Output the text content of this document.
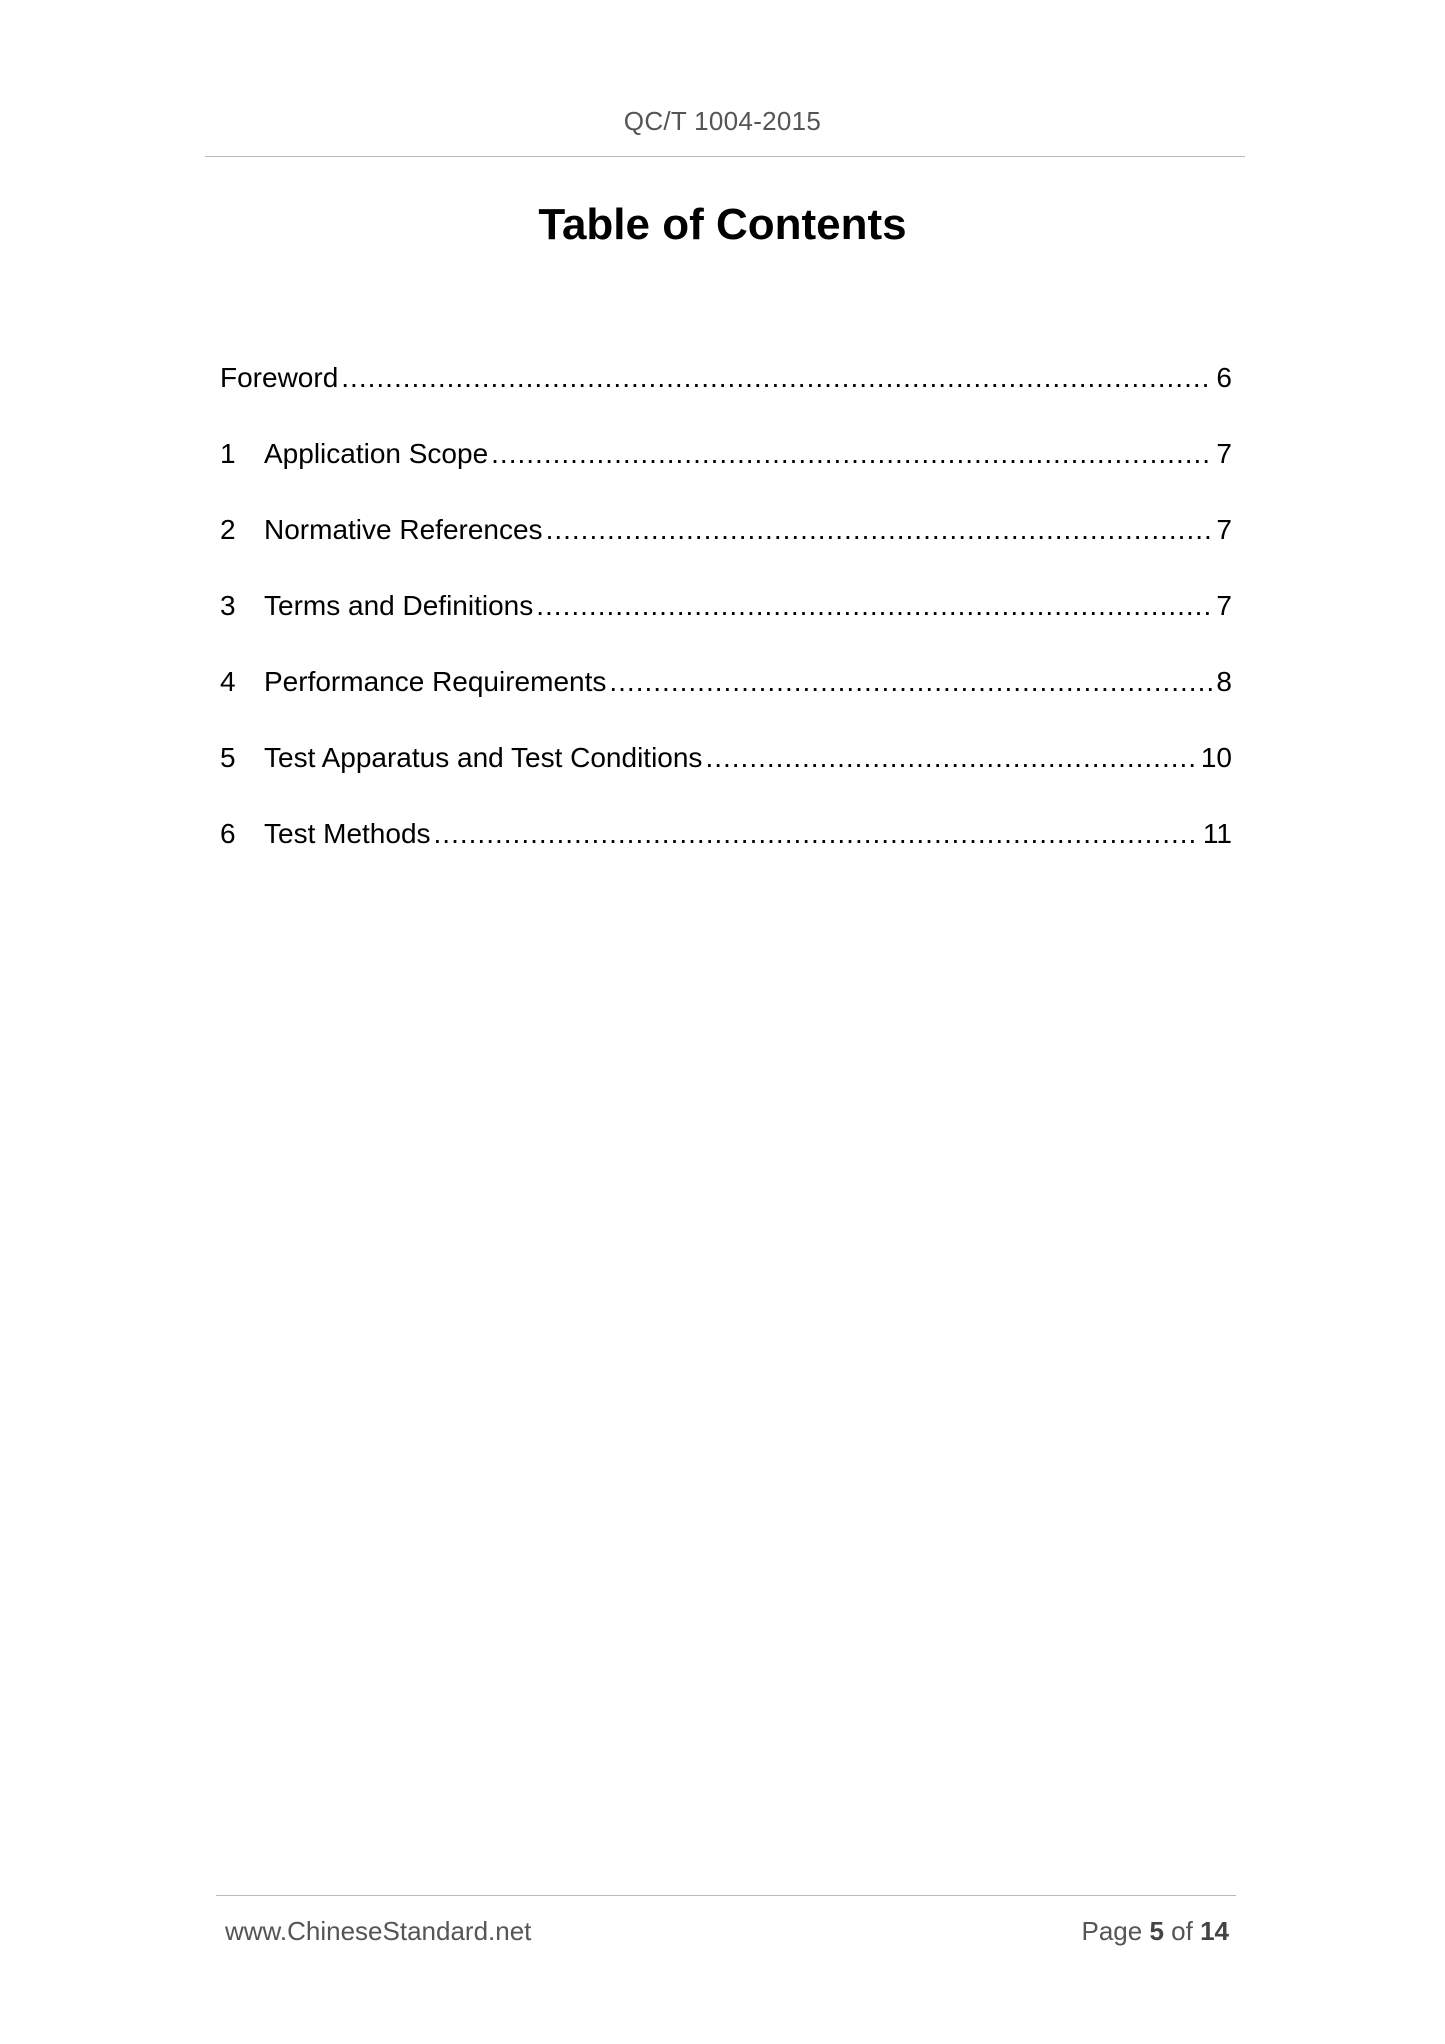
QC/T 1004-2015
Table of Contents
Foreword .....	6
1	Application Scope .....	7
2	Normative References .....	7
3	Terms and Definitions .....	7
4	Performance Requirements .....	8
5	Test Apparatus and Test Conditions .....	10
6	Test Methods .....	11
www.ChineseStandard.net	Page 5 of 14
